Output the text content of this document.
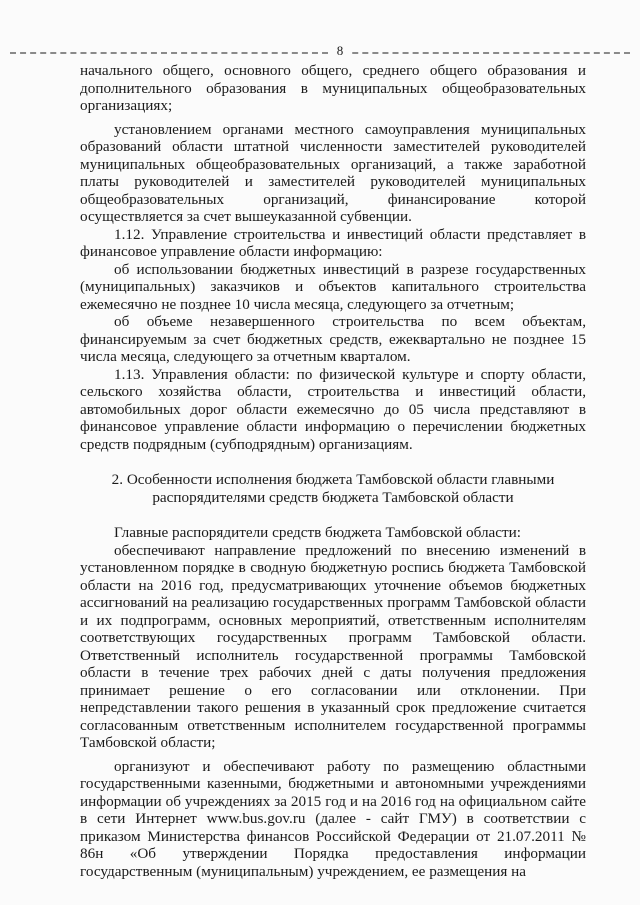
8

начального общего, основного общего, среднего общего образования и дополнительного образования в муниципальных общеобразовательных организациях;

установлением органами местного самоуправления муниципальных образований области штатной численности заместителей руководителей муниципальных общеобразовательных организаций, а также заработной платы руководителей и заместителей руководителей муниципальных общеобразовательных организаций, финансирование которой осуществляется за счет вышеуказанной субвенции.

1.12. Управление строительства и инвестиций области представляет в финансовое управление области информацию:

об использовании бюджетных инвестиций в разрезе государственных (муниципальных) заказчиков и объектов капитального строительства ежемесячно не позднее 10 числа месяца, следующего за отчетным;

об объеме незавершенного строительства по всем объектам, финансируемым за счет бюджетных средств, ежеквартально не позднее 15 числа месяца, следующего за отчетным кварталом.

1.13. Управления области: по физической культуре и спорту области, сельского хозяйства области, строительства и инвестиций области, автомобильных дорог области ежемесячно до 05 числа представляют в финансовое управление области информацию о перечислении бюджетных средств подрядным (субподрядным) организациям.

2. Особенности исполнения бюджета Тамбовской области главными распорядителями средств бюджета Тамбовской области

Главные распорядители средств бюджета Тамбовской области:

обеспечивают направление предложений по внесению изменений в установленном порядке в сводную бюджетную роспись бюджета Тамбовской области на 2016 год, предусматривающих уточнение объемов бюджетных ассигнований на реализацию государственных программ Тамбовской области и их подпрограмм, основных мероприятий, ответственным исполнителям соответствующих государственных программ Тамбовской области. Ответственный исполнитель государственной программы Тамбовской области в течение трех рабочих дней с даты получения предложения принимает решение о его согласовании или отклонении. При непредставлении такого решения в указанный срок предложение считается согласованным ответственным исполнителем государственной программы Тамбовской области;

организуют и обеспечивают работу по размещению областными государственными казенными, бюджетными и автономными учреждениями информации об учреждениях за 2015 год и на 2016 год на официальном сайте в сети Интернет www.bus.gov.ru (далее - сайт ГМУ) в соответствии с приказом Министерства финансов Российской Федерации от 21.07.2011 № 86н «Об утверждении Порядка предоставления информации государственным (муниципальным) учреждением, ее размещения на
